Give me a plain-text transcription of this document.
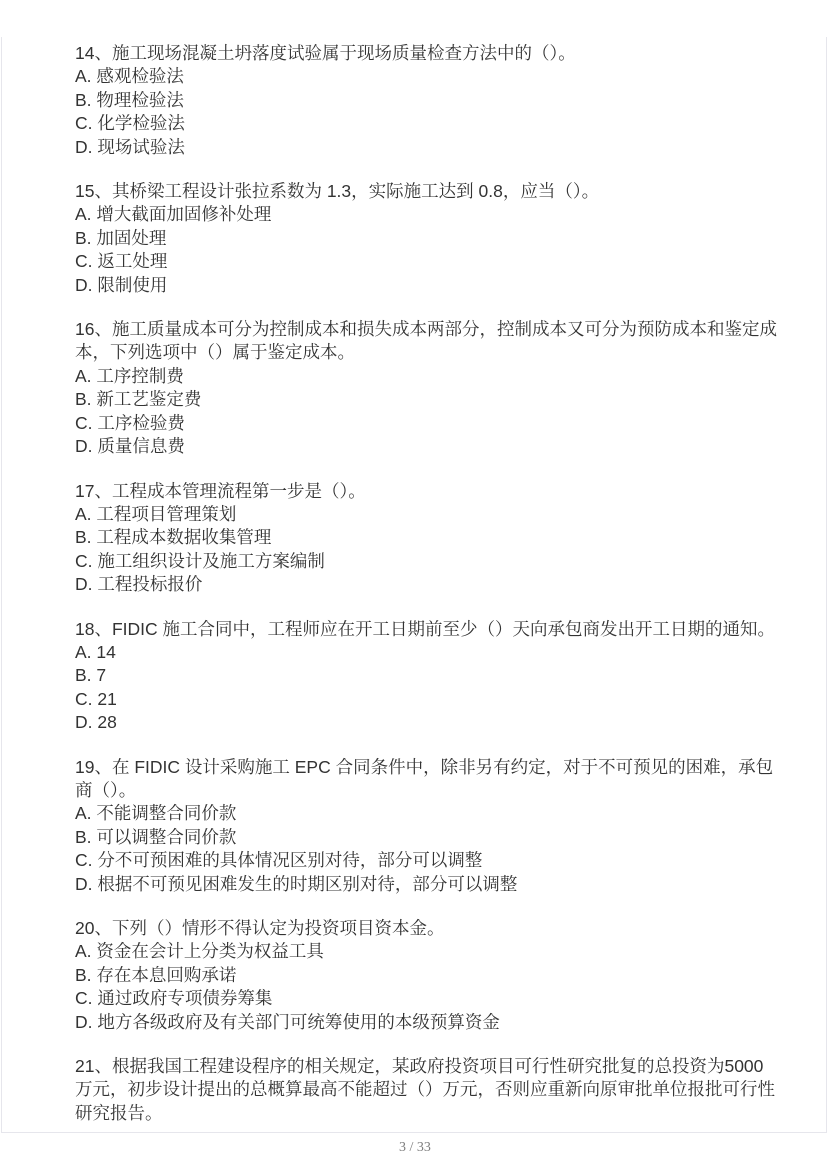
14、施工现场混凝土坍落度试验属于现场质量检查方法中的（）。
A. 感观检验法
B. 物理检验法
C. 化学检验法
D. 现场试验法
15、其桥梁工程设计张拉系数为 1.3，实际施工达到 0.8，应当（）。
A. 增大截面加固修补处理
B. 加固处理
C. 返工处理
D. 限制使用
16、施工质量成本可分为控制成本和损失成本两部分，控制成本又可分为预防成本和鉴定成
本，下列选项中（）属于鉴定成本。
A. 工序控制费
B. 新工艺鉴定费
C. 工序检验费
D. 质量信息费
17、工程成本管理流程第一步是（）。
A. 工程项目管理策划
B. 工程成本数据收集管理
C. 施工组织设计及施工方案编制
D. 工程投标报价
18、FIDIC 施工合同中，工程师应在开工日期前至少（）天向承包商发出开工日期的通知。
A. 14
B. 7
C. 21
D. 28
19、在 FIDIC 设计采购施工 EPC 合同条件中，除非另有约定，对于不可预见的困难，承包
商（）。
A. 不能调整合同价款
B. 可以调整合同价款
C. 分不可预困难的具体情况区别对待，部分可以调整
D. 根据不可预见困难发生的时期区别对待，部分可以调整
20、下列（）情形不得认定为投资项目资本金。
A. 资金在会计上分类为权益工具
B. 存在本息回购承诺
C. 通过政府专项债券筹集
D. 地方各级政府及有关部门可统筹使用的本级预算资金
21、根据我国工程建设程序的相关规定，某政府投资项目可行性研究批复的总投资为5000
万元，初步设计提出的总概算最高不能超过（）万元，否则应重新向原审批单位报批可行性
研究报告。
3 / 33
